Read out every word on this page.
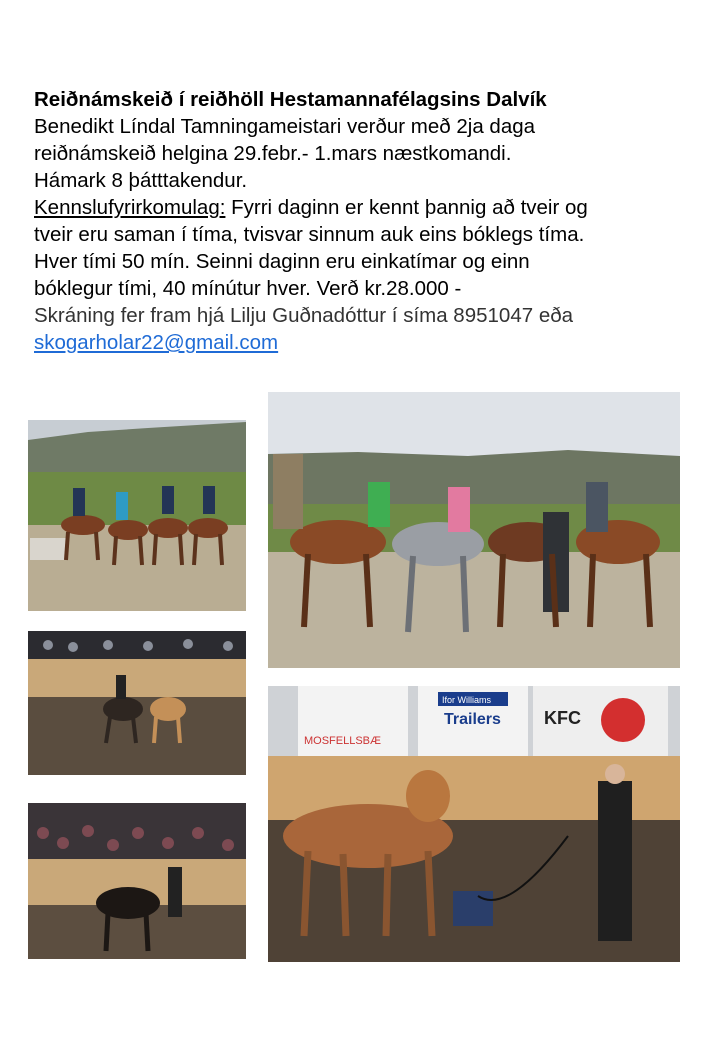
Reiðnámskeið í reiðhöll Hestamannafélagsins Dalvík

Benedikt Líndal Tamningameistari verður með 2ja daga

reiðnámskeið helgina 29.febr.- 1.mars næstkomandi.

Hámark 8 þátttakendur.

Kennslufyrirkomulag: Fyrri daginn er kennt þannig að tveir og

tveir eru saman í tíma, tvisvar sinnum auk eins bóklegs tíma.

Hver tími 50 mín. Seinni daginn eru einkatímar og einn

bóklegur tími, 40 mínútur hver. Verð kr.28.000 -

Skráning fer fram hjá Lilju Guðnadóttur í síma 8951047 eða

skogarholar22@gmail.com

MOSFELLSBÆ
Ifor Williams
Trailers KFC
